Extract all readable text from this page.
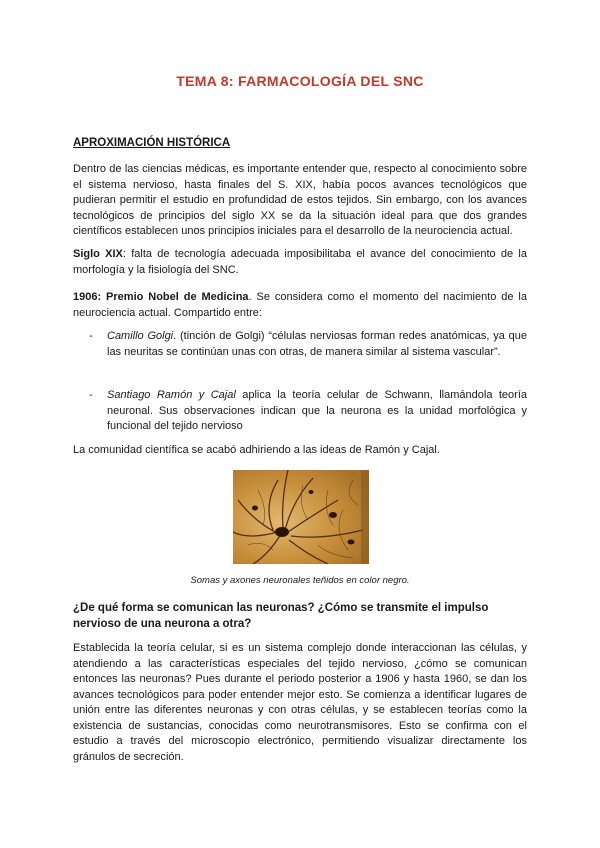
TEMA 8: FARMACOLOGÍA DEL SNC
APROXIMACIÓN HISTÓRICA

Dentro de las ciencias médicas, es importante entender que, respecto al conocimiento sobre el sistema nervioso, hasta finales del S. XIX, había pocos avances tecnológicos que pudieran permitir el estudio en profundidad de estos tejidos. Sin embargo, con los avances tecnológicos de principios del siglo XX se da la situación ideal para que dos grandes científicos establecen unos principios iniciales para el desarrollo de la neurociencia actual.

Siglo XIX: falta de tecnología adecuada imposibilitaba el avance del conocimiento de la morfología y la fisiología del SNC.

1906: Premio Nobel de Medicina. Se considera como el momento del nacimiento de la neurociencia actual. Compartido entre:

- Camillo Golgi. (tinción de Golgi) “células nerviosas forman redes anatómicas, ya que las neuritas se continúan unas con otras, de manera similar al sistema vascular”.
- Santiago Ramón y Cajal aplica la teoría celular de Schwann, llamándola teoría neuronal. Sus observaciones indican que la neurona es la unidad morfológica y funcional del tejido nervioso

La comunidad científica se acabó adhiriendo a las ideas de Ramón y Cajal.

Somas y axones neuronales teñidos en color negro.
¿De qué forma se comunican las neuronas? ¿Cómo se transmite el impulso nervioso de una neurona a otra?

Establecida la teoría celular, si es un sistema complejo donde interaccionan las células, y atendiendo a las características especiales del tejido nervioso, ¿cómo se comunican entonces las neuronas? Pues durante el periodo posterior a 1906 y hasta 1960, se dan los avances tecnológicos para poder entender mejor esto. Se comienza a identificar lugares de unión entre las diferentes neuronas y con otras células, y se establecen teorías como la existencia de sustancias, conocidas como neurotransmisores. Esto se confirma con el estudio a través del microscopio electrónico, permitiendo visualizar directamente los gránulos de secreción.
